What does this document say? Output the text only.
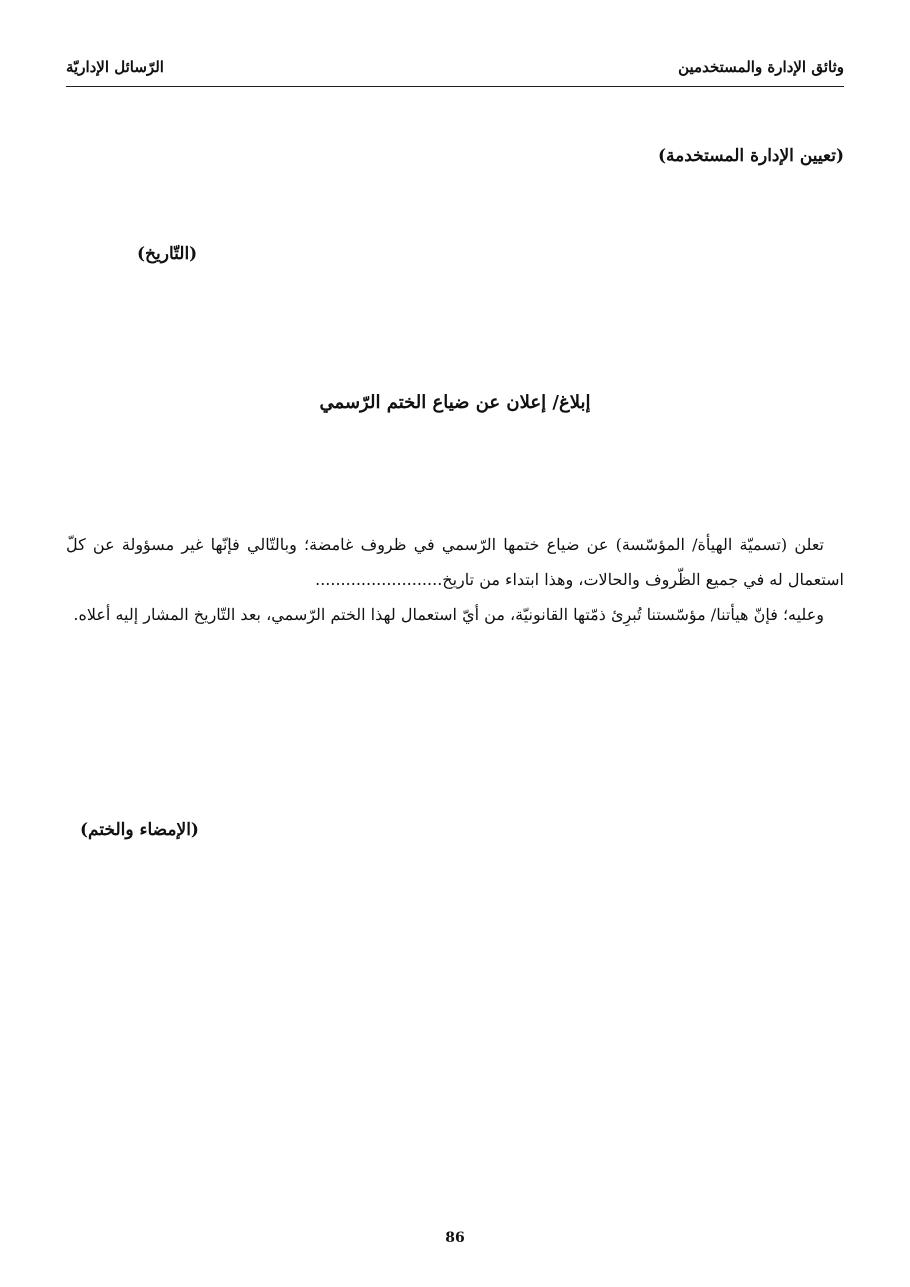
وثائق الإدارة والمستخدمين
الرّسائل الإداريّة
(تعيين الإدارة المستخدمة)
(التّاريخ)
إبلاغ/ إعلان عن ضياع الختم الرّسمي

تعلن (تسميّة الهيأة/ المؤسّسة) عن ضياع ختمها الرّسمي في ظروف غامضة؛ وبالتّالي فإنّها غير مسؤولة عن كلّ استعمال له في جميع الظّروف والحالات، وهذا ابتداء من تاريخ.........................

وعليه؛ فإنّ هيأتنا/ مؤسّستنا تُبرِئ ذمّتها القانونيّة، من أيّ استعمال لهذا الختم الرّسمي، بعد التّاريخ المشار إليه أعلاه.

(الإمضاء والختم)
86
